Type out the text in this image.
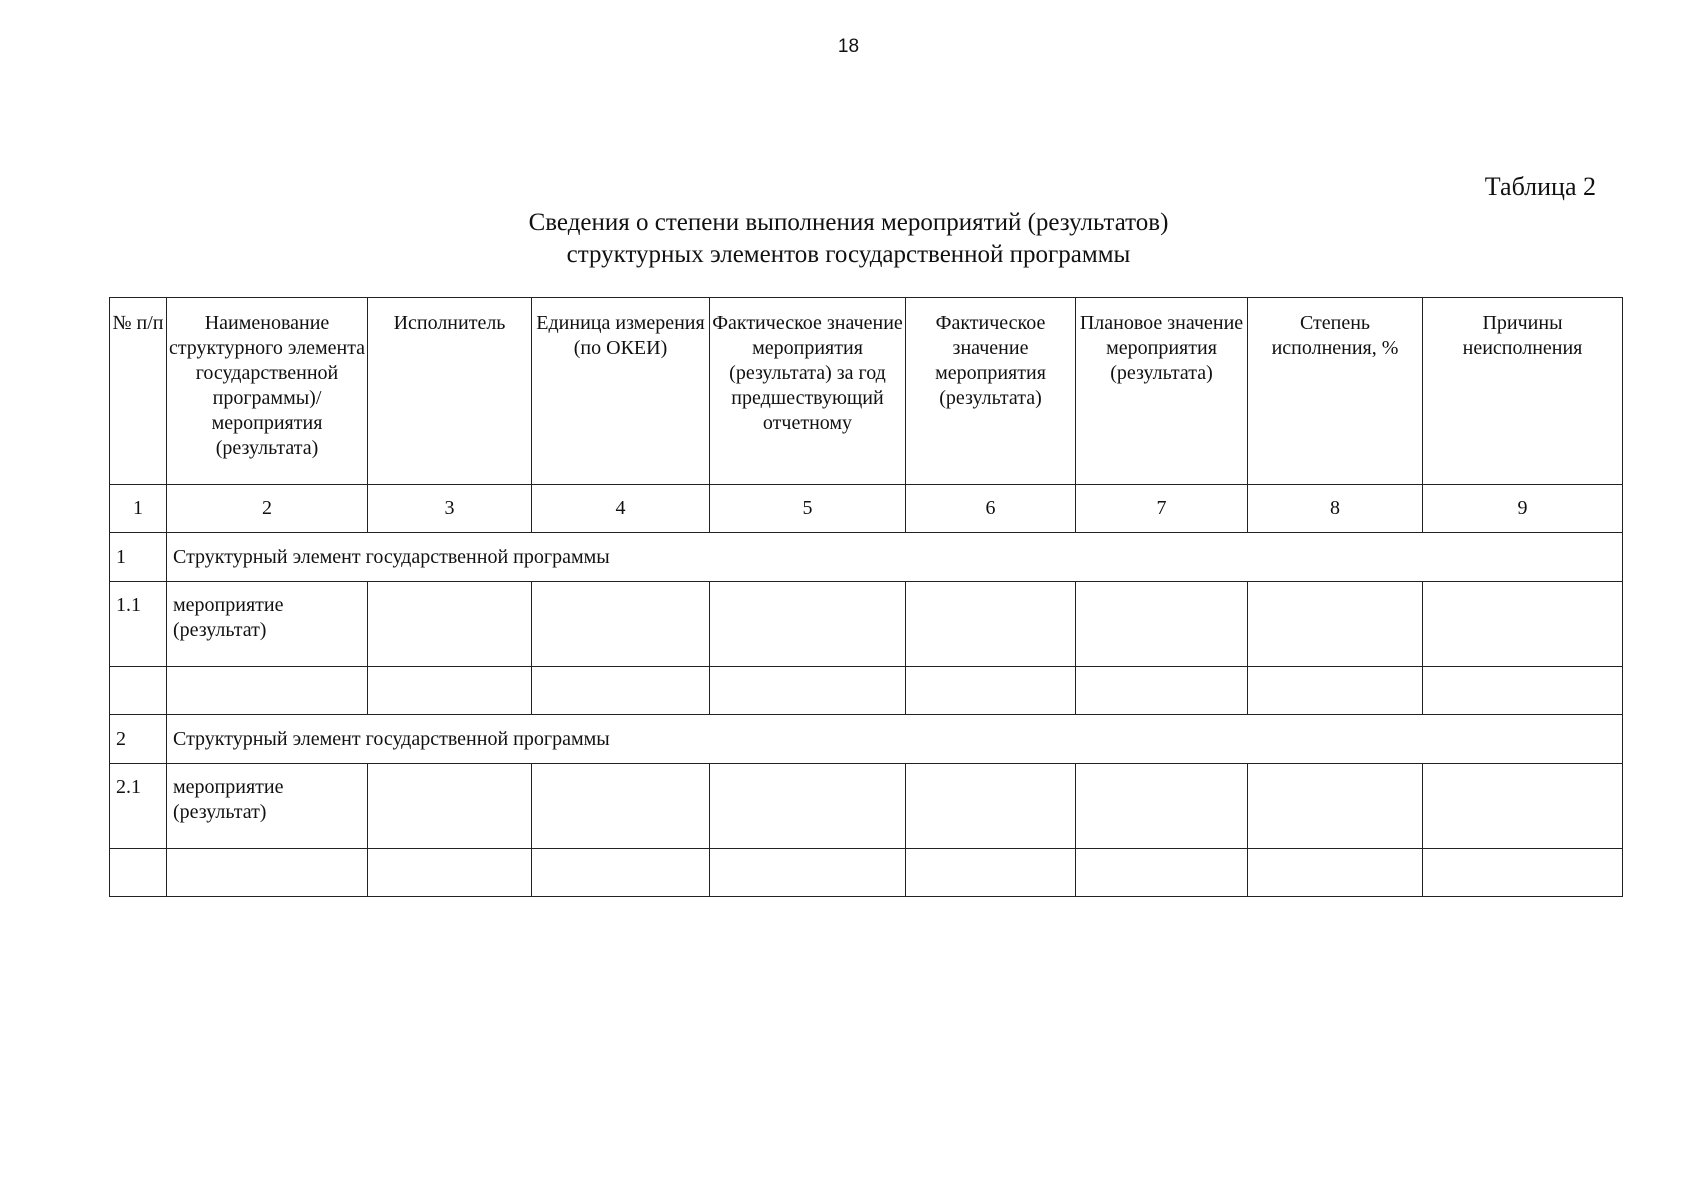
18
Таблица 2
Сведения о степени выполнения мероприятий (результатов)
структурных элементов государственной программы
№ п/п	Наименование структурного элемента государственной программы)/ мероприятия (результата)	Исполнитель	Единица измерения (по ОКЕИ)	Фактическое значение мероприятия (результата) за год предшествующий отчетному	Фактическое значение мероприятия (результата)	Плановое значение мероприятия (результата)	Степень исполнения, %	Причины неисполнения
1	2	3	4	5	6	7	8	9
1	Структурный элемент государственной программы							
1.1	мероприятие (результат)							

2	Структурный элемент государственной программы							
2.1	мероприятие (результат)							
